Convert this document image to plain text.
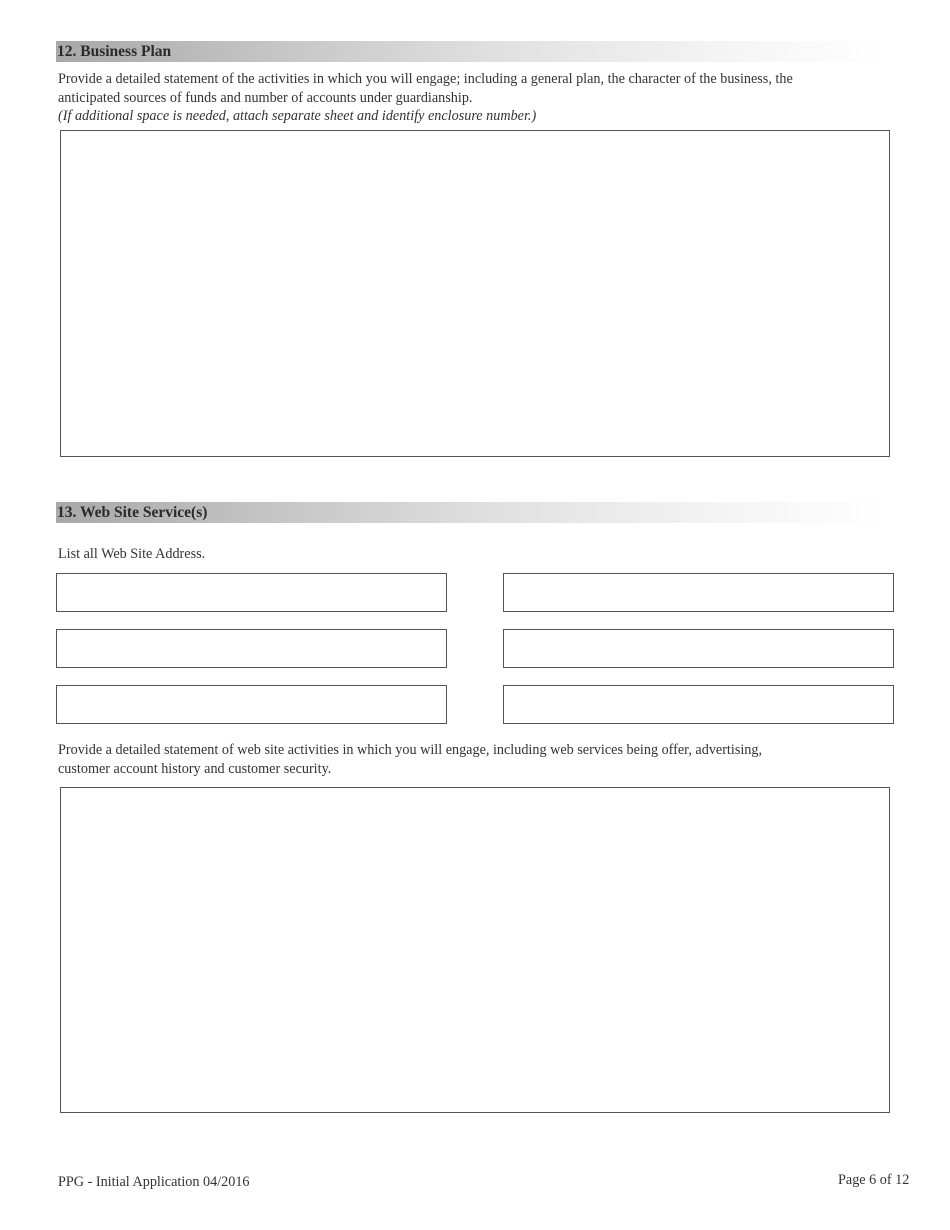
12. Business Plan
Provide a detailed statement of the activities in which you will engage; including a general plan, the character of the business, the
anticipated sources of funds and number of accounts under guardianship.
(If additional space is needed, attach separate sheet and identify enclosure number.)
13. Web Site Service(s)
List all Web Site Address.
Provide a detailed statement of web site activities in which you will engage, including web services being offer, advertising,
customer account history and customer security.
PPG - Initial Application 04/2016	Page 6 of 12
